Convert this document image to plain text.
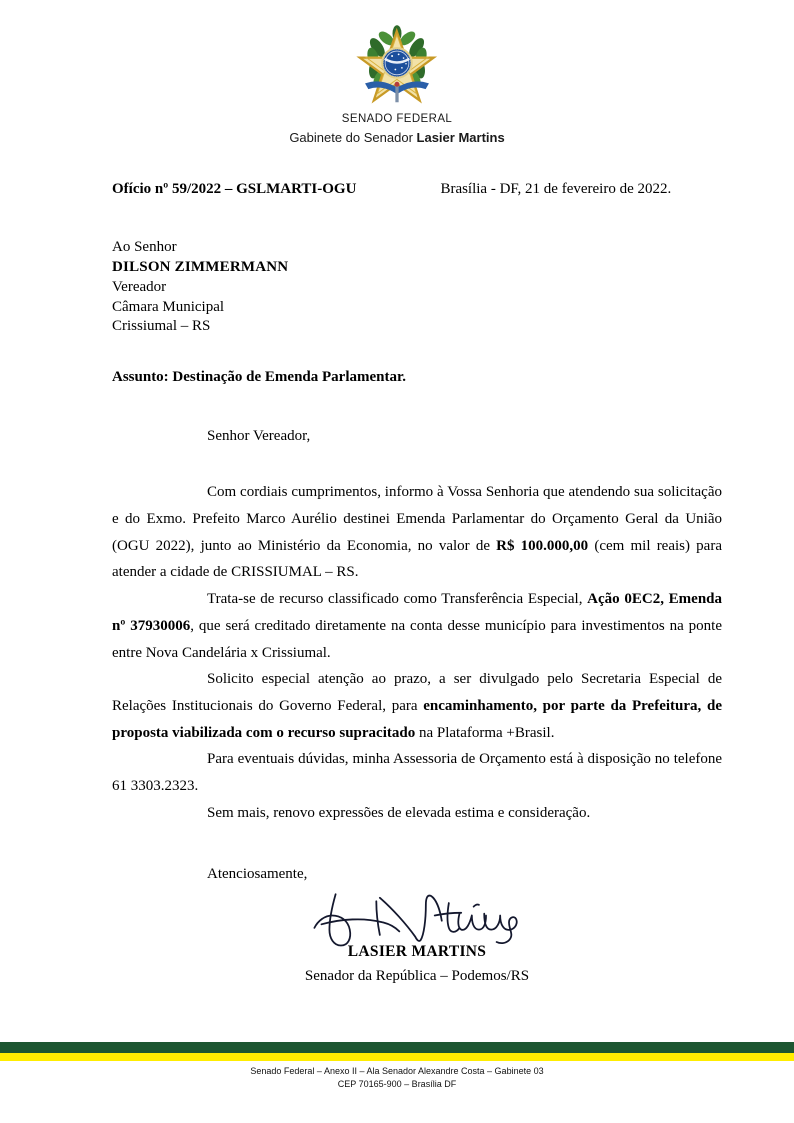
SENADO FEDERAL
Gabinete do Senador Lasier Martins
Ofício nº 59/2022 – GSLMARTI-OGU	Brasília - DF, 21 de fevereiro de 2022.
Ao Senhor
DILSON ZIMMERMANN
Vereador
Câmara Municipal
Crissiumal – RS
Assunto: Destinação de Emenda Parlamentar.
Senhor Vereador,

Com cordiais cumprimentos, informo à Vossa Senhoria que atendendo sua solicitação e do Exmo. Prefeito Marco Aurélio destinei Emenda Parlamentar do Orçamento Geral da União (OGU 2022), junto ao Ministério da Economia, no valor de R$ 100.000,00 (cem mil reais) para atender a cidade de CRISSIUMAL – RS.

Trata-se de recurso classificado como Transferência Especial, Ação 0EC2, Emenda nº 37930006, que será creditado diretamente na conta desse município para investimentos na ponte entre Nova Candelária x Crissiumal.

Solicito especial atenção ao prazo, a ser divulgado pelo Secretaria Especial de Relações Institucionais do Governo Federal, para encaminhamento, por parte da Prefeitura, de proposta viabilizada com o recurso supracitado na Plataforma +Brasil.

Para eventuais dúvidas, minha Assessoria de Orçamento está à disposição no telefone 61 3303.2323.

Sem mais, renovo expressões de elevada estima e consideração.

Atenciosamente,
LASIER MARTINS
Senador da República – Podemos/RS
Senado Federal – Anexo II – Ala Senador Alexandre Costa – Gabinete 03
CEP 70165-900 – Brasília DF
